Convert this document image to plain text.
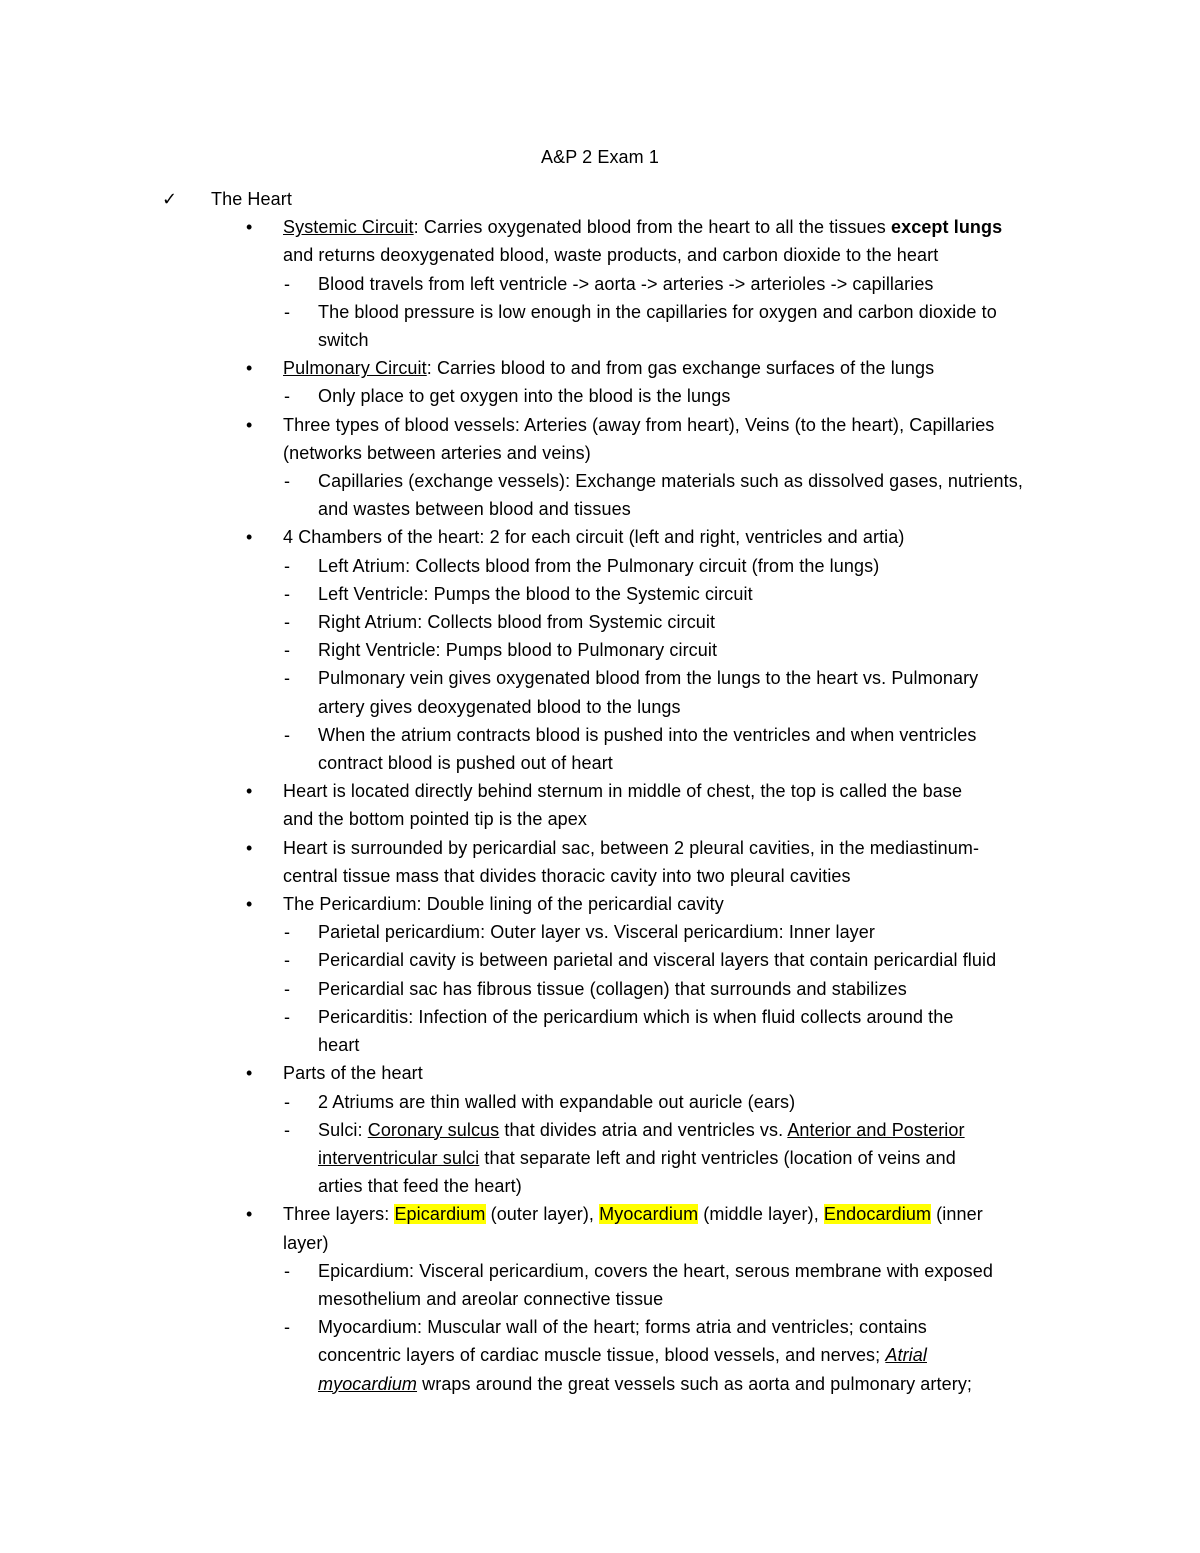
A&P 2 Exam 1
✓ The Heart
• Systemic Circuit: Carries oxygenated blood from the heart to all the tissues except lungs
and returns deoxygenated blood, waste products, and carbon dioxide to the heart
- Blood travels from left ventricle -> aorta -> arteries -> arterioles -> capillaries
- The blood pressure is low enough in the capillaries for oxygen and carbon dioxide to
switch
• Pulmonary Circuit: Carries blood to and from gas exchange surfaces of the lungs
- Only place to get oxygen into the blood is the lungs
• Three types of blood vessels: Arteries (away from heart), Veins (to the heart), Capillaries
(networks between arteries and veins)
- Capillaries (exchange vessels): Exchange materials such as dissolved gases, nutrients,
and wastes between blood and tissues
• 4 Chambers of the heart: 2 for each circuit (left and right, ventricles and artia)
- Left Atrium: Collects blood from the Pulmonary circuit (from the lungs)
- Left Ventricle: Pumps the blood to the Systemic circuit
- Right Atrium: Collects blood from Systemic circuit
- Right Ventricle: Pumps blood to Pulmonary circuit
- Pulmonary vein gives oxygenated blood from the lungs to the heart vs. Pulmonary
artery gives deoxygenated blood to the lungs
- When the atrium contracts blood is pushed into the ventricles and when ventricles
contract blood is pushed out of heart
• Heart is located directly behind sternum in middle of chest, the top is called the base
and the bottom pointed tip is the apex
• Heart is surrounded by pericardial sac, between 2 pleural cavities, in the mediastinum-
central tissue mass that divides thoracic cavity into two pleural cavities
• The Pericardium: Double lining of the pericardial cavity
- Parietal pericardium: Outer layer vs. Visceral pericardium: Inner layer
- Pericardial cavity is between parietal and visceral layers that contain pericardial fluid
- Pericardial sac has fibrous tissue (collagen) that surrounds and stabilizes
- Pericarditis: Infection of the pericardium which is when fluid collects around the
heart
• Parts of the heart
- 2 Atriums are thin walled with expandable out auricle (ears)
- Sulci: Coronary sulcus that divides atria and ventricles vs. Anterior and Posterior
interventricular sulci that separate left and right ventricles (location of veins and
arties that feed the heart)
• Three layers: Epicardium (outer layer), Myocardium (middle layer), Endocardium (inner
layer)
- Epicardium: Visceral pericardium, covers the heart, serous membrane with exposed
mesothelium and areolar connective tissue
- Myocardium: Muscular wall of the heart; forms atria and ventricles; contains
concentric layers of cardiac muscle tissue, blood vessels, and nerves; Atrial
myocardium wraps around the great vessels such as aorta and pulmonary artery;
